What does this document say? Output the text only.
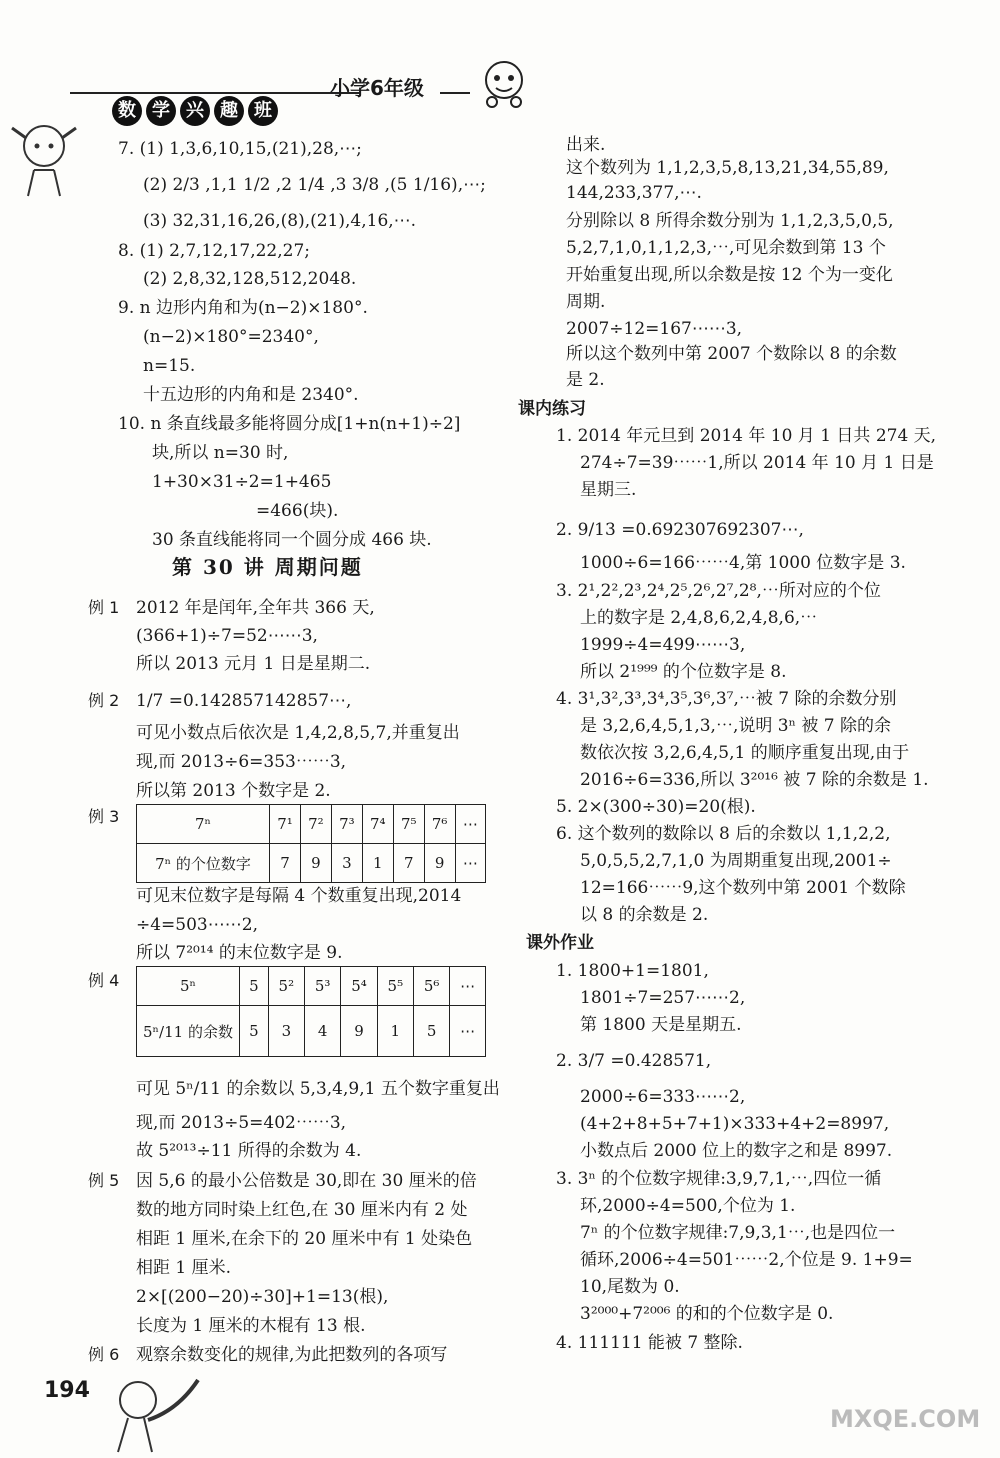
小学6年级
数 学 兴 趣 班
7. (1) 1,3,6,10,15,(21),28,⋯;
(2) 2/3 ,1,1 1/2 ,2 1/4 ,3 3/8 ,(5 1/16),⋯;
(3) 32,31,16,26,(8),(21),4,16,⋯.
8. (1) 2,7,12,17,22,27;
(2) 2,8,32,128,512,2048.
9. n 边形内角和为(n−2)×180°.
(n−2)×180°=2340°,
n=15.
十五边形的内角和是 2340°.
10. n 条直线最多能将圆分成[1+n(n+1)÷2]
块,所以 n=30 时,
1+30×31÷2=1+465
=466(块).
30 条直线能将同一个圆分成 466 块.
第 30 讲 周期问题
例 1 2012 年是闰年,全年共 366 天,
(366+1)÷7=52⋯⋯3,
所以 2013 元月 1 日是星期二.
例 2 1/7 =0.142857142857⋯,
可见小数点后依次是 1,4,2,8,5,7,并重复出
现,而 2013÷6=353⋯⋯3,
所以第 2013 个数字是 2.
例 3	7ⁿ	7¹	7²	7³	7⁴	7⁵	7⁶	⋯
7ⁿ 的个位数字	7	9	3	1	7	9	⋯
可见末位数字是每隔 4 个数重复出现,2014
÷4=503⋯⋯2,
所以 7²⁰¹⁴ 的末位数字是 9.
例 4	5ⁿ	5	5²	5³	5⁴	5⁵	5⁶	⋯
5ⁿ/11 的余数	5	3	4	9	1	5	⋯
可见 5ⁿ/11 的余数以 5,3,4,9,1 五个数字重复出
现,而 2013÷5=402⋯⋯3,
故 5²⁰¹³÷11 所得的余数为 4.
例 5 因 5,6 的最小公倍数是 30,即在 30 厘米的倍
数的地方同时染上红色,在 30 厘米内有 2 处
相距 1 厘米,在余下的 20 厘米中有 1 处染色
相距 1 厘米.
2×[(200−20)÷30]+1=13(根),
长度为 1 厘米的木棍有 13 根.
例 6 观察余数变化的规律,为此把数列的各项写
194
出来.
这个数列为 1,1,2,3,5,8,13,21,34,55,89,
144,233,377,⋯.
分别除以 8 所得余数分别为 1,1,2,3,5,0,5,
5,2,7,1,0,1,1,2,3,⋯,可见余数到第 13 个
开始重复出现,所以余数是按 12 个为一变化
周期.
2007÷12=167⋯⋯3,
所以这个数列中第 2007 个数除以 8 的余数
是 2.
课内练习
1. 2014 年元旦到 2014 年 10 月 1 日共 274 天,
274÷7=39⋯⋯1,所以 2014 年 10 月 1 日是
星期三.
2. 9/13 =0.692307692307⋯,
1000÷6=166⋯⋯4,第 1000 位数字是 3.
3. 2¹,2²,2³,2⁴,2⁵,2⁶,2⁷,2⁸,⋯所对应的个位
上的数字是 2,4,8,6,2,4,8,6,⋯
1999÷4=499⋯⋯3,
所以 2¹⁹⁹⁹ 的个位数字是 8.
4. 3¹,3²,3³,3⁴,3⁵,3⁶,3⁷,⋯被 7 除的余数分别
是 3,2,6,4,5,1,3,⋯,说明 3ⁿ 被 7 除的余
数依次按 3,2,6,4,5,1 的顺序重复出现,由于
2016÷6=336,所以 3²⁰¹⁶ 被 7 除的余数是 1.
5. 2×(300÷30)=20(根).
6. 这个数列的数除以 8 后的余数以 1,1,2,2,
5,0,5,5,2,7,1,0 为周期重复出现,2001÷
12=166⋯⋯9,这个数列中第 2001 个数除
以 8 的余数是 2.
课外作业
1. 1800+1=1801,
1801÷7=257⋯⋯2,
第 1800 天是星期五.
2. 3/7 =0.428571,
2000÷6=333⋯⋯2,
(4+2+8+5+7+1)×333+4+2=8997,
小数点后 2000 位上的数字之和是 8997.
3. 3ⁿ 的个位数字规律:3,9,7,1,⋯,四位一循
环,2000÷4=500,个位为 1.
7ⁿ 的个位数字规律:7,9,3,1⋯,也是四位一
循环,2006÷4=501⋯⋯2,个位是 9. 1+9=
10,尾数为 0.
3²⁰⁰⁰+7²⁰⁰⁶ 的和的个位数字是 0.
4. 111111 能被 7 整除.
MXQE.COM
